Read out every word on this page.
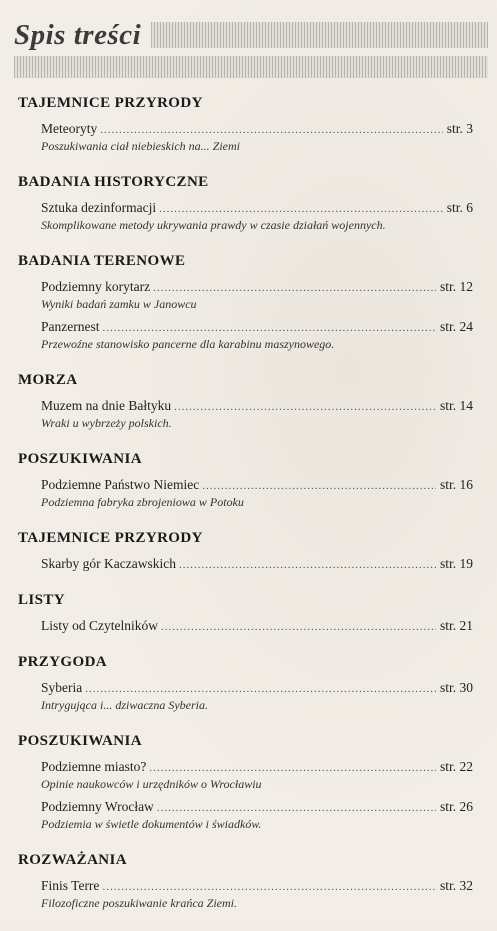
Spis treści
TAJEMNICE PRZYRODY
Meteoryty .....	str. 3
Poszukiwania ciał niebieskich na... Ziemi
BADANIA HISTORYCZNE
Sztuka dezinformacji .....	str. 6
Skomplikowane metody ukrywania prawdy w czasie działań wojennych.
BADANIA TERENOWE
Podziemny korytarz .....	str. 12
Wyniki badań zamku w Janowcu
Panzernest .....	str. 24
Przewoźne stanowisko pancerne dla karabinu maszynowego.
MORZA
Muzem na dnie Bałtyku .....	str. 14
Wraki u wybrzeży polskich.
POSZUKIWANIA
Podziemne Państwo Niemiec .....	str. 16
Podziemna fabryka zbrojeniowa w Potoku
TAJEMNICE PRZYRODY
Skarby gór Kaczawskich .....	str. 19
LISTY
Listy od Czytelników .....	str. 21
PRZYGODA
Syberia .....	str. 30
Intrygująca i... dziwaczna Syberia.
POSZUKIWANIA
Podziemne miasto? .....	str. 22
Opinie naukowców i urzędników o Wrocławiu
Podziemny Wrocław .....	str. 26
Podziemia w świetle dokumentów i świadków.
ROZWAŻANIA
Finis Terre .....	str. 32
Filozoficzne poszukiwanie krańca Ziemi.
